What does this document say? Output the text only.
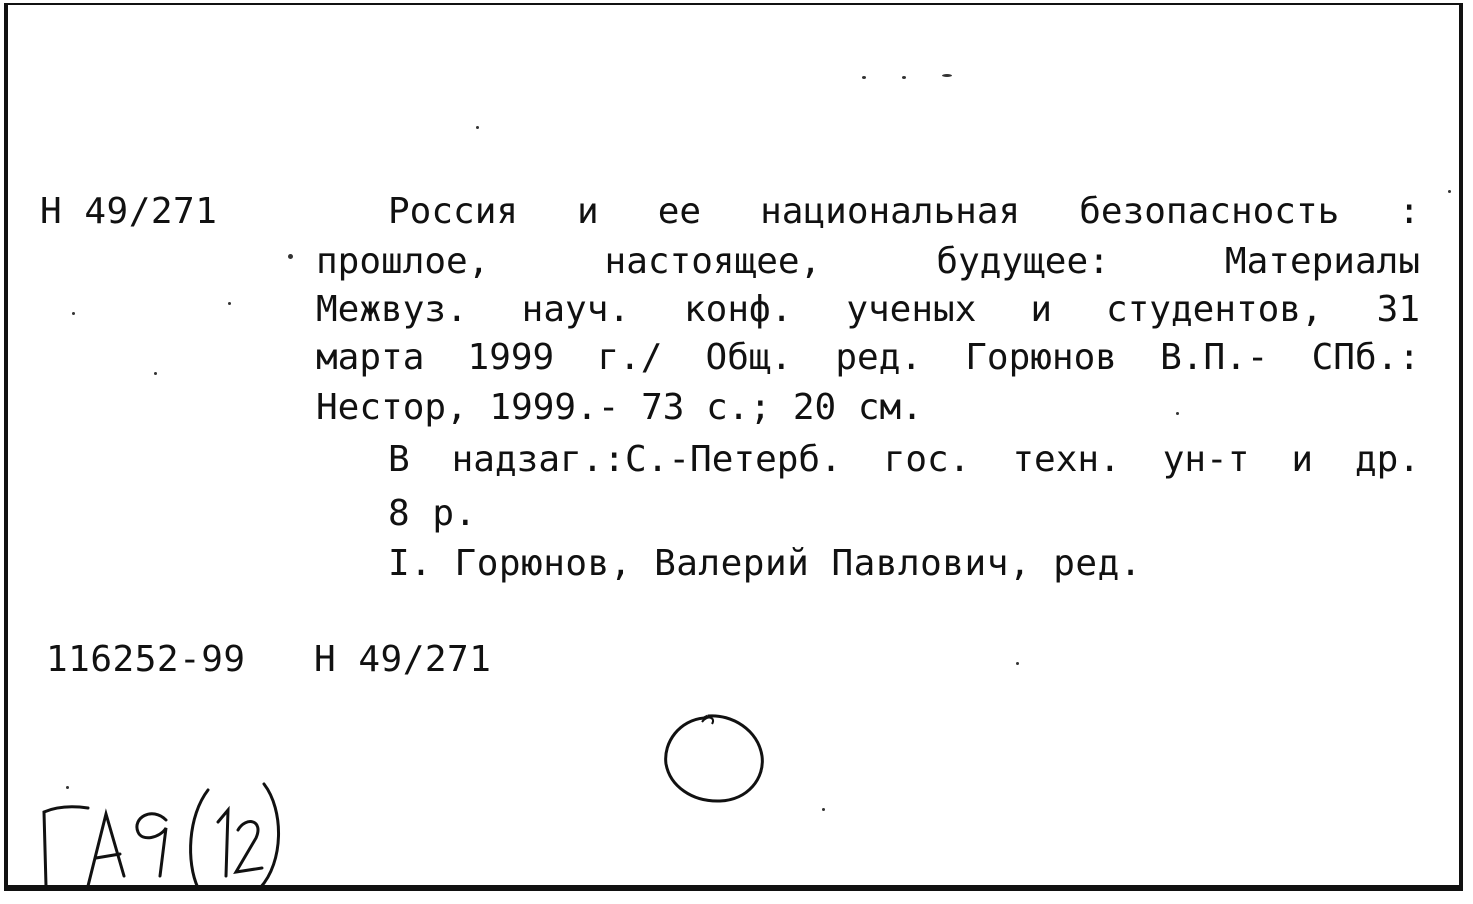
Н 49/271	Россия и ее национальная безопасность :
прошлое, настоящее, будущее: Материалы
Межвуз. науч. конф. ученых и студентов, 31
марта 1999 г./ Общ. ред. Горюнов В.П.- СПб.:
Нестор, 1999.- 73 с.; 20 см.
В надзаг.:С.-Петерб. гос. техн. ун-т и др.
8 р.
I. Горюнов, Валерий Павлович, ред.
116252-99 Н 49/271
